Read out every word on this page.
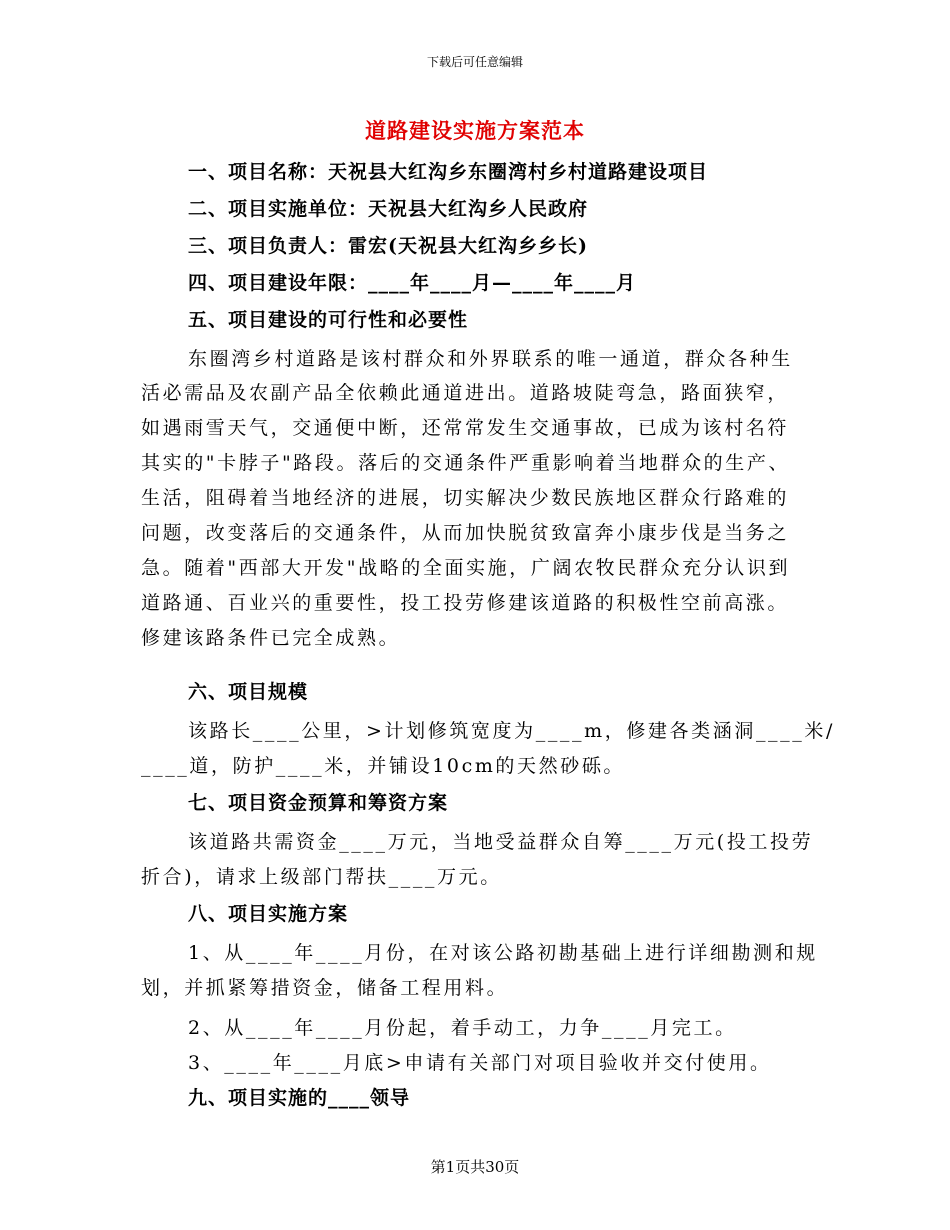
下载后可任意编辑
道路建设实施方案范本
一、项目名称：天祝县大红沟乡东圈湾村乡村道路建设项目
二、项目实施单位：天祝县大红沟乡人民政府
三、项目负责人：雷宏(天祝县大红沟乡乡长)
四、项目建设年限：____年____月—____年____月
五、项目建设的可行性和必要性
东圈湾乡村道路是该村群众和外界联系的唯一通道，群众各种生
活必需品及农副产品全依赖此通道进出。道路坡陡弯急，路面狭窄，
如遇雨雪天气，交通便中断，还常常发生交通事故，已成为该村名符
其实的"卡脖子"路段。落后的交通条件严重影响着当地群众的生产、
生活，阻碍着当地经济的进展，切实解决少数民族地区群众行路难的
问题，改变落后的交通条件，从而加快脱贫致富奔小康步伐是当务之
急。随着"西部大开发"战略的全面实施，广阔农牧民群众充分认识到
道路通、百业兴的重要性，投工投劳修建该道路的积极性空前高涨。
修建该路条件已完全成熟。
六、项目规模
该路长____公里，>计划修筑宽度为____m，修建各类涵洞____米/
____道，防护____米，并铺设10cm的天然砂砾。
七、项目资金预算和筹资方案
该道路共需资金____万元，当地受益群众自筹____万元(投工投劳
折合)，请求上级部门帮扶____万元。
八、项目实施方案
1、从____年____月份，在对该公路初勘基础上进行详细勘测和规
划，并抓紧筹措资金，储备工程用料。
2、从____年____月份起，着手动工，力争____月完工。
3、____年____月底>申请有关部门对项目验收并交付使用。
九、项目实施的____领导
第1页共30页
